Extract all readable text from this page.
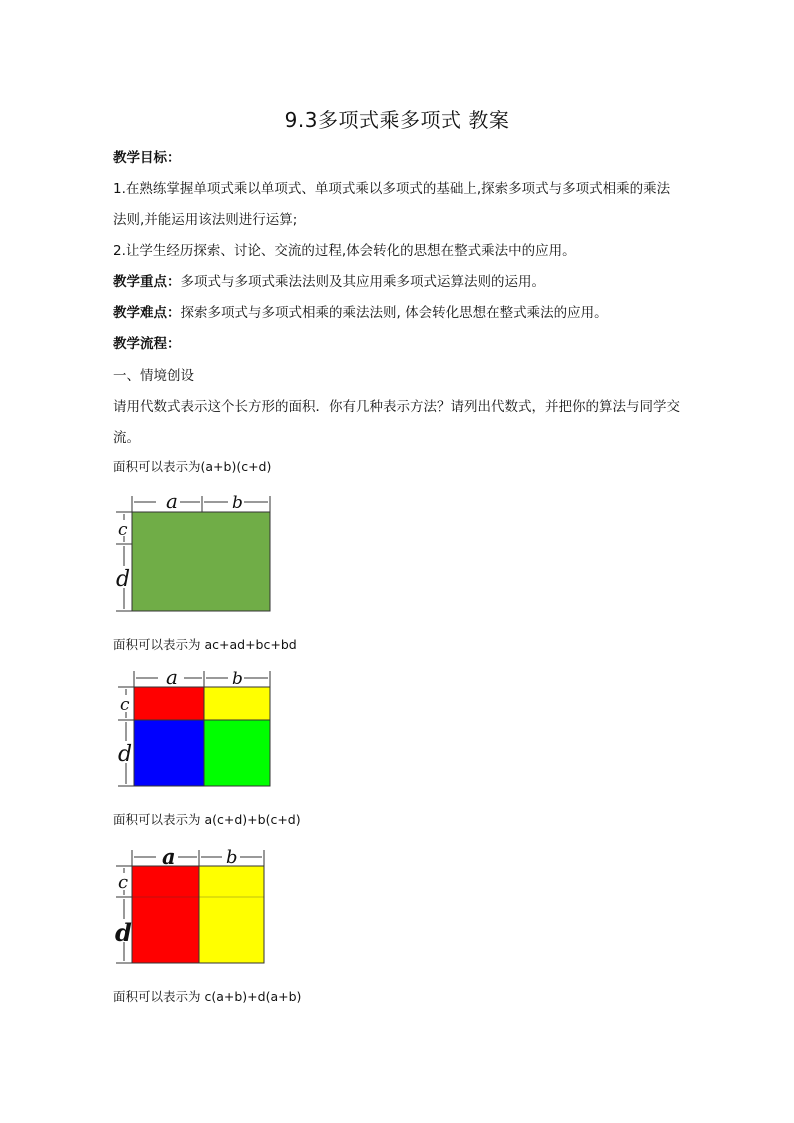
9.3多项式乘多项式 教案
教学目标：
1.在熟练掌握单项式乘以单项式、单项式乘以多项式的基础上,探索多项式与多项式相乘的乘法
法则,并能运用该法则进行运算;
2.让学生经历探索、讨论、交流的过程,体会转化的思想在整式乘法中的应用。
教学重点：多项式与多项式乘法法则及其应用乘多项式运算法则的运用。
教学难点：探索多项式与多项式相乘的乘法法则, 体会转化思想在整式乘法的应用。
教学流程：
一、情境创设
请用代数式表示这个长方形的面积．你有几种表示方法？请列出代数式，并把你的算法与同学交
流。
面积可以表示为(a+b)(c+d)
a	b
c
d
面积可以表示为 ac+ad+bc+bd
a	b
c
d
面积可以表示为 a(c+d)+b(c+d)
a	b
c
d
面积可以表示为 c(a+b)+d(a+b)
